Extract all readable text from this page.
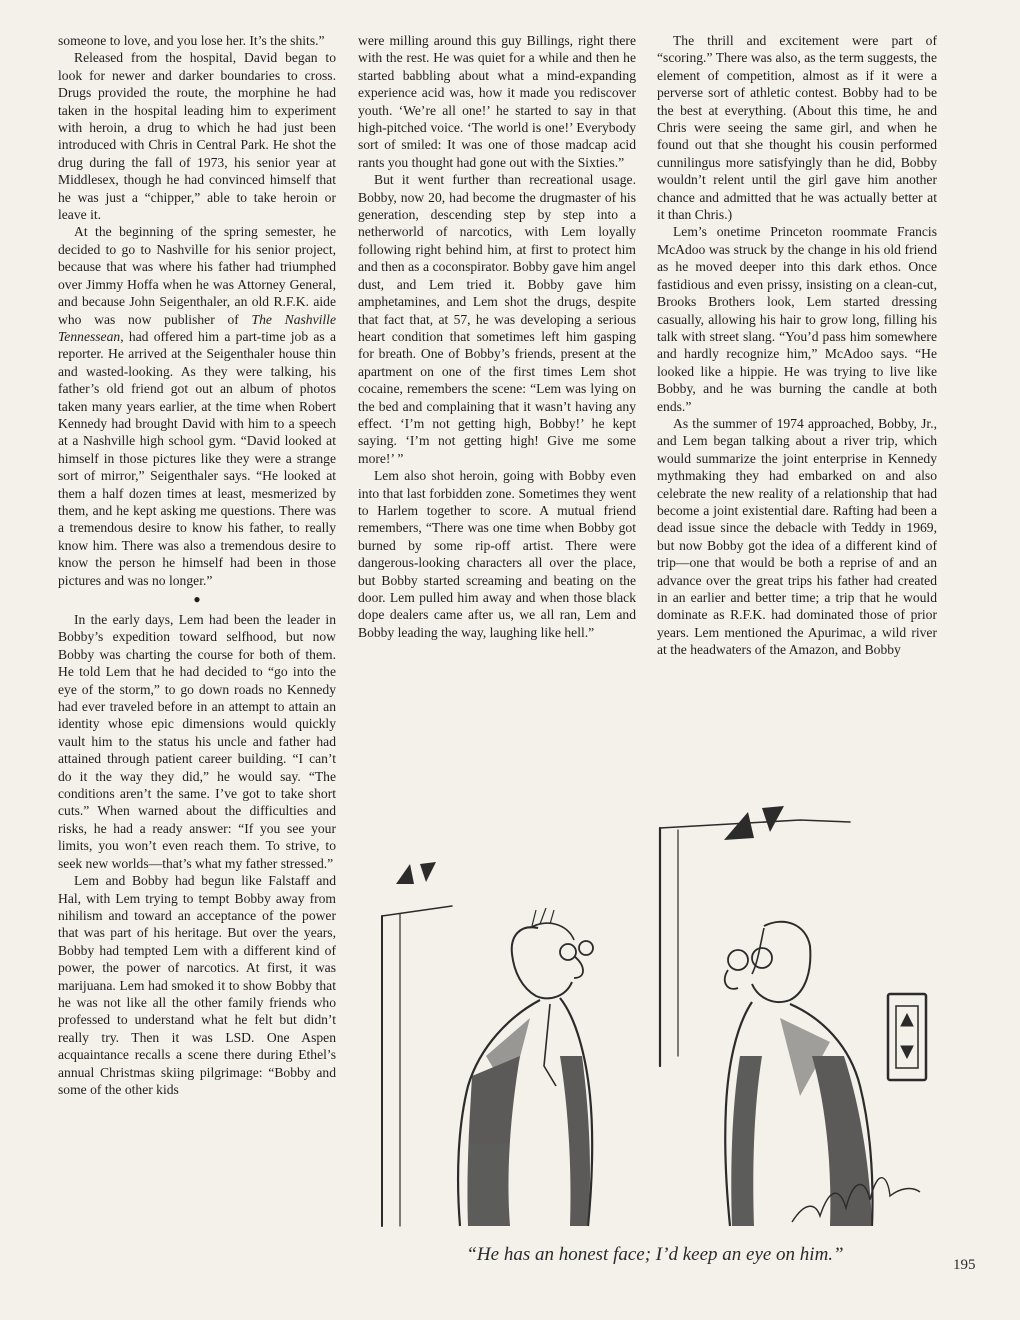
someone to love, and you lose her. It’s the shits.”

Released from the hospital, David began to look for newer and darker boundaries to cross. Drugs provided the route, the morphine he had taken in the hospital leading him to experiment with heroin, a drug to which he had just been introduced with Chris in Central Park. He shot the drug during the fall of 1973, his senior year at Middlesex, though he had convinced himself that he was just a “chipper,” able to take heroin or leave it.

At the beginning of the spring semester, he decided to go to Nashville for his senior project, because that was where his father had triumphed over Jimmy Hoffa when he was Attorney General, and because John Seigenthaler, an old R.F.K. aide who was now publisher of The Nashville Tennessean, had offered him a part-time job as a reporter. He arrived at the Seigenthaler house thin and wasted-looking. As they were talking, his father’s old friend got out an album of photos taken many years earlier, at the time when Robert Kennedy had brought David with him to a speech at a Nashville high school gym. “David looked at himself in those pictures like they were a strange sort of mirror,” Seigenthaler says. “He looked at them a half dozen times at least, mesmerized by them, and he kept asking me questions. There was a tremendous desire to know his father, to really know him. There was also a tremendous desire to know the person he himself had been in those pictures and was no longer.”

●

In the early days, Lem had been the leader in Bobby’s expedition toward selfhood, but now Bobby was charting the course for both of them. He told Lem that he had decided to “go into the eye of the storm,” to go down roads no Kennedy had ever traveled before in an attempt to attain an identity whose epic dimensions would quickly vault him to the status his uncle and father had attained through patient career building. “I can’t do it the way they did,” he would say. “The conditions aren’t the same. I’ve got to take short cuts.” When warned about the difficulties and risks, he had a ready answer: “If you see your limits, you won’t even reach them. To strive, to seek new worlds—that’s what my father stressed.”

Lem and Bobby had begun like Falstaff and Hal, with Lem trying to tempt Bobby away from nihilism and toward an acceptance of the power that was part of his heritage. But over the years, Bobby had tempted Lem with a different kind of power, the power of narcotics. At first, it was marijuana. Lem had smoked it to show Bobby that he was not like all the other family friends who professed to understand what he felt but didn’t really try. Then it was LSD. One Aspen acquaintance recalls a scene there during Ethel’s annual Christmas skiing pilgrimage: “Bobby and some of the other kids

were milling around this guy Billings, right there with the rest. He was quiet for a while and then he started babbling about what a mind-expanding experience acid was, how it made you rediscover youth. ‘We’re all one!’ he started to say in that high-pitched voice. ‘The world is one!’ Everybody sort of smiled: It was one of those madcap acid rants you thought had gone out with the Sixties.”

But it went further than recreational usage. Bobby, now 20, had become the drugmaster of his generation, descending step by step into a netherworld of narcotics, with Lem loyally following right behind him, at first to protect him and then as a coconspirator. Bobby gave him angel dust, and Lem tried it. Bobby gave him amphetamines, and Lem shot the drugs, despite that fact that, at 57, he was developing a serious heart condition that sometimes left him gasping for breath. One of Bobby’s friends, present at the apartment on one of the first times Lem shot cocaine, remembers the scene: “Lem was lying on the bed and complaining that it wasn’t having any effect. ‘I’m not getting high, Bobby!’ he kept saying. ‘I’m not getting high! Give me some more!’ ”

Lem also shot heroin, going with Bobby even into that last forbidden zone. Sometimes they went to Harlem together to score. A mutual friend remembers, “There was one time when Bobby got burned by some rip-off artist. There were dangerous-looking characters all over the place, but Bobby started screaming and beating on the door. Lem pulled him away and when those black dope dealers came after us, we all ran, Lem and Bobby leading the way, laughing like hell.”

The thrill and excitement were part of “scoring.” There was also, as the term suggests, the element of competition, almost as if it were a perverse sort of athletic contest. Bobby had to be the best at everything. (About this time, he and Chris were seeing the same girl, and when he found out that she thought his cousin performed cunnilingus more satisfyingly than he did, Bobby wouldn’t relent until the girl gave him another chance and admitted that he was actually better at it than Chris.)

Lem’s onetime Princeton roommate Francis McAdoo was struck by the change in his old friend as he moved deeper into this dark ethos. Once fastidious and even prissy, insisting on a clean-cut, Brooks Brothers look, Lem started dressing casually, allowing his hair to grow long, filling his talk with street slang. “You’d pass him somewhere and hardly recognize him,” McAdoo says. “He looked like a hippie. He was trying to live like Bobby, and he was burning the candle at both ends.”

As the summer of 1974 approached, Bobby, Jr., and Lem began talking about a river trip, which would summarize the joint enterprise in Kennedy mythmaking they had embarked on and also celebrate the new reality of a relationship that had become a joint existential dare. Rafting had been a dead issue since the debacle with Teddy in 1969, but now Bobby got the idea of a different kind of trip—one that would be both a reprise of and an advance over the great trips his father had created in an earlier and better time; a trip that he would dominate as R.F.K. had dominated those of prior years. Lem mentioned the Apurimac, a wild river at the headwaters of the Amazon, and Bobby

“He has an honest face; I’d keep an eye on him.”	195
